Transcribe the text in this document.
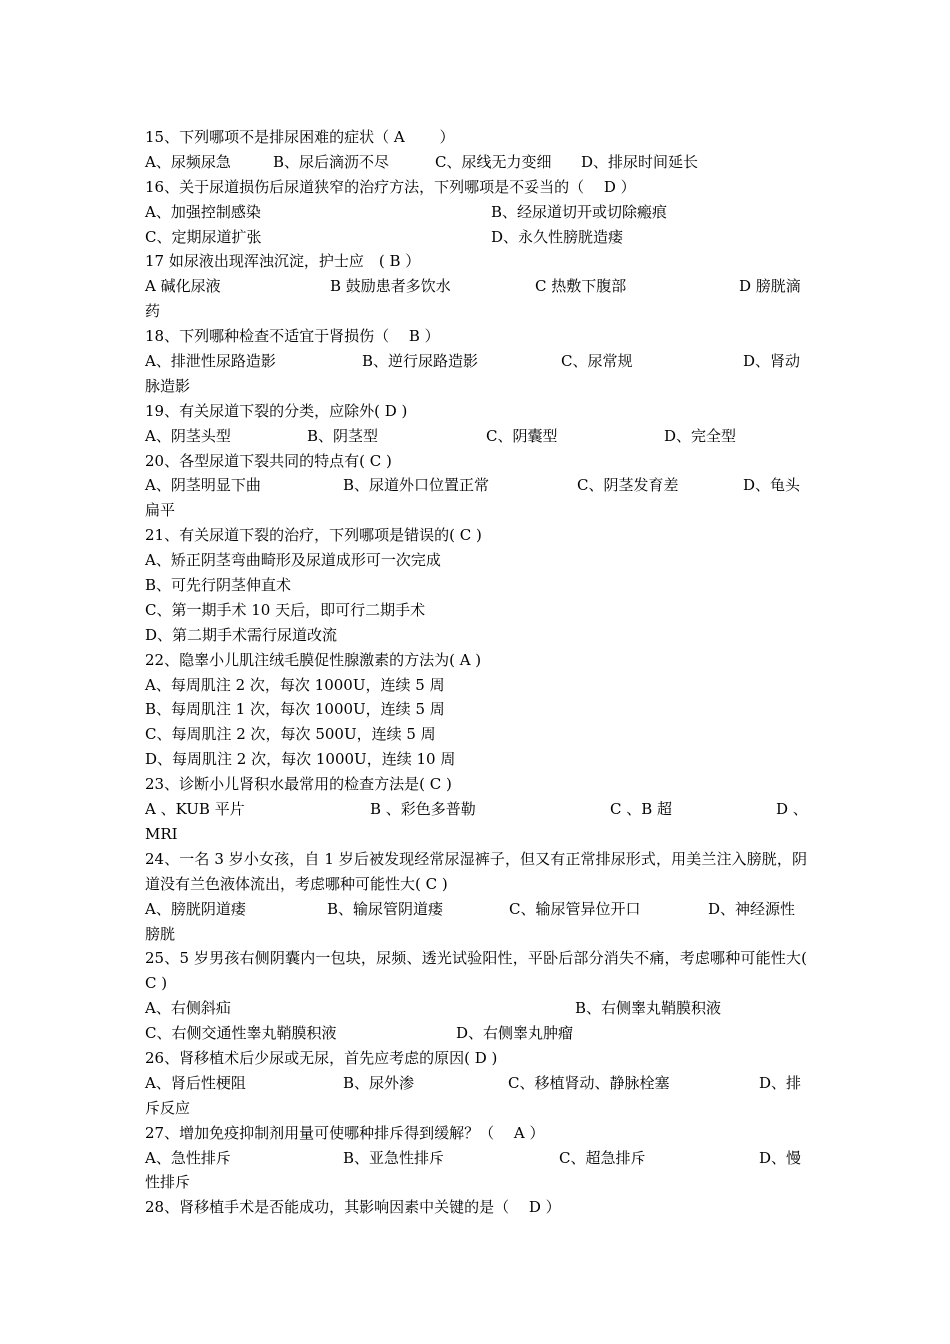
15、下列哪项不是排尿困难的症状（ A　　 ）
A、尿频尿急	B、尿后滴沥不尽	C、尿线无力变细 D、排尿时间延长
16、关于尿道损伤后尿道狭窄的治疗方法，下列哪项是不妥当的（　 D ）
A、加强控制感染	B、经尿道切开或切除瘢痕
C、定期尿道扩张	D、永久性膀胱造瘘
17 如尿液出现浑浊沉淀，护士应　( B ）
A 碱化尿液	B 鼓励患者多饮水	C 热敷下腹部	D 膀胱滴
药
18、下列哪种检查不适宜于肾损伤（　 B ）
A、排泄性尿路造影	B、逆行尿路造影	C、尿常规	D、肾动
脉造影
19、有关尿道下裂的分类，应除外( D )
A、阴茎头型	B、阴茎型	C、阴囊型	D、完全型
20、各型尿道下裂共同的特点有( C )
A、阴茎明显下曲	B、尿道外口位置正常	C、阴茎发育差	D、龟头
扁平
21、有关尿道下裂的治疗，下列哪项是错误的( C )
A、矫正阴茎弯曲畸形及尿道成形可一次完成
B、可先行阴茎伸直术
C、第一期手术 10 天后，即可行二期手术
D、第二期手术需行尿道改流
22、隐睾小儿肌注绒毛膜促性腺激素的方法为( A )
A、每周肌注 2 次，每次 1000U，连续 5 周
B、每周肌注 1 次，每次 1000U，连续 5 周
C、每周肌注 2 次，每次 500U，连续 5 周
D、每周肌注 2 次，每次 1000U，连续 10 周
23、诊断小儿肾积水最常用的检查方法是( C )
A 、KUB 平片	B 、彩色多普勒	C 、B 超	D 、
MRI
24、一名 3 岁小女孩，自 1 岁后被发现经常尿湿裤子，但又有正常排尿形式，用美兰注入膀胱，阴道没有兰色液体流出，考虑哪种可能性大( C )
A、膀胱阴道瘘	B、输尿管阴道瘘	C、输尿管异位开口	D、神经源性
膀胱
25、5 岁男孩右侧阴囊内一包块，尿频、透光试验阳性，平卧后部分消失不痛，考虑哪种可能性大( C )
A、右侧斜疝	B、右侧睾丸鞘膜积液
C、右侧交通性睾丸鞘膜积液	D、右侧睾丸肿瘤
26、肾移植术后少尿或无尿，首先应考虑的原因( D )
A、肾后性梗阻	B、尿外渗	C、移植肾动、静脉栓塞	D、排
斥反应
27、增加免疫抑制剂用量可使哪种排斥得到缓解？（　 A ）
A、急性排斥	B、亚急性排斥	C、超急排斥	D、慢
性排斥
28、肾移植手术是否能成功，其影响因素中关键的是（　 D ）
